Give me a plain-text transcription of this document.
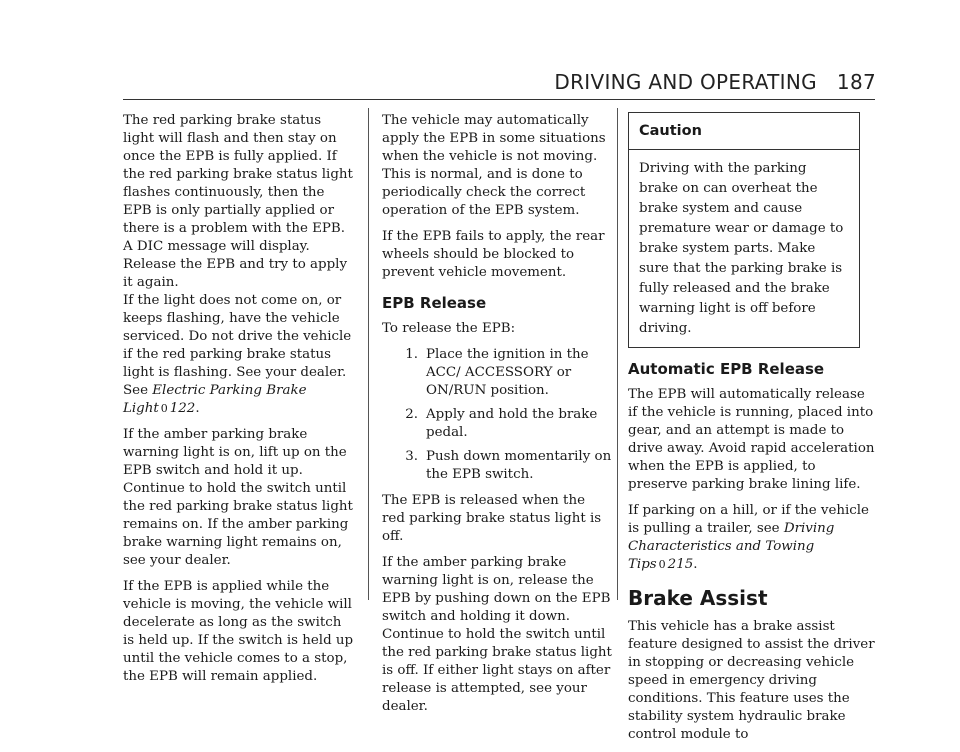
DRIVING AND OPERATING 187

The red parking brake status light will flash and then stay on once the EPB is fully applied. If the red parking brake status light flashes continuously, then the EPB is only partially applied or there is a problem with the EPB.

A DIC message will display. Release the EPB and try to apply it again.

If the light does not come on, or keeps flashing, have the vehicle serviced. Do not drive the vehicle if the red parking brake status light is flashing. See your dealer. See Electric Parking Brake Light 0 122.

If the amber parking brake warning light is on, lift up on the EPB switch and hold it up. Continue to hold the switch until the red parking brake status light remains on. If the amber parking brake warning light remains on, see your dealer.

If the EPB is applied while the vehicle is moving, the vehicle will decelerate as long as the switch is held up. If the switch is held up until the vehicle comes to a stop, the EPB will remain applied.

The vehicle may automatically apply the EPB in some situations when the vehicle is not moving. This is normal, and is done to periodically check the correct operation of the EPB system.

If the EPB fails to apply, the rear wheels should be blocked to prevent vehicle movement.

EPB Release

To release the EPB:

1. Place the ignition in the ACC/ ACCESSORY or ON/RUN position.
2. Apply and hold the brake pedal.
3. Push down momentarily on the EPB switch.

The EPB is released when the red parking brake status light is off.

If the amber parking brake warning light is on, release the EPB by pushing down on the EPB switch and holding it down. Continue to hold the switch until the red parking brake status light is off. If either light stays on after release is attempted, see your dealer.

Caution
Driving with the parking brake on can overheat the brake system and cause premature wear or damage to brake system parts. Make sure that the parking brake is fully released and the brake warning light is off before driving.
Automatic EPB Release

The EPB will automatically release if the vehicle is running, placed into gear, and an attempt is made to drive away. Avoid rapid acceleration when the EPB is applied, to preserve parking brake lining life.

If parking on a hill, or if the vehicle is pulling a trailer, see Driving Characteristics and Towing Tips 0 215.

Brake Assist

This vehicle has a brake assist feature designed to assist the driver in stopping or decreasing vehicle speed in emergency driving conditions. This feature uses the stability system hydraulic brake control module to
